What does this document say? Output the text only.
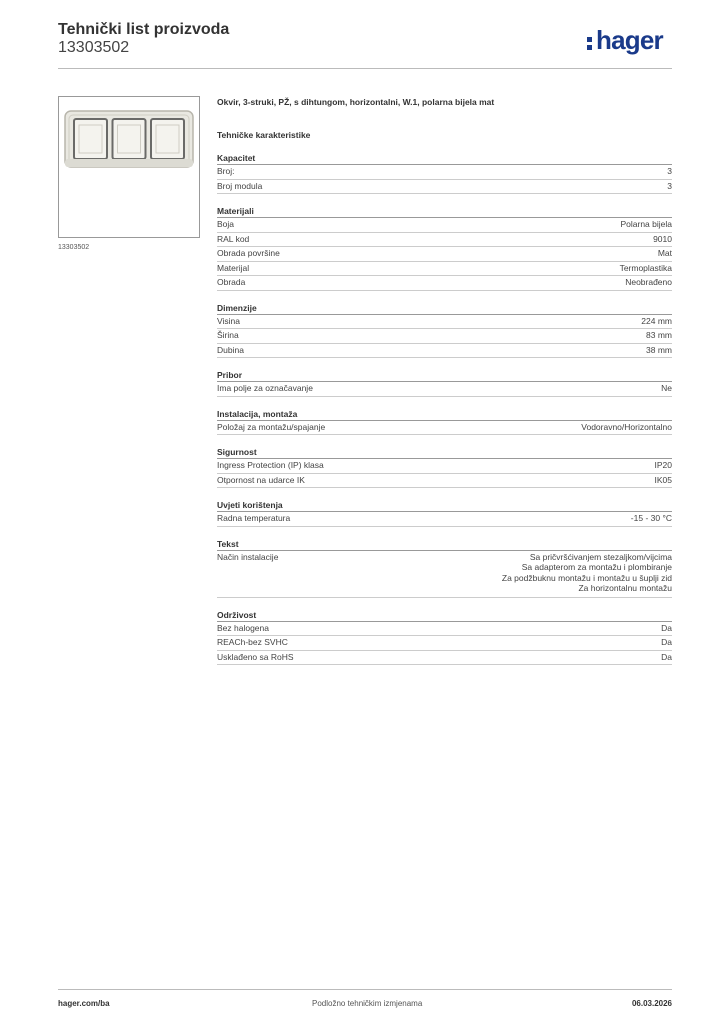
Tehnički list proizvoda
13303502	hager
13303502
Okvir, 3-struki, PŽ, s dihtungom, horizontalni, W.1, polarna bijela mat
Tehničke karakteristike
Kapacitet
Broj:	3
Broj modula	3
Materijali
Boja	Polarna bijela
RAL kod	9010
Obrada površine	Mat
Materijal	Termoplastika
Obrada	Neobrađeno
Dimenzije
Visina	224 mm
Širina	83 mm
Dubina	38 mm
Pribor
Ima polje za označavanje	Ne
Instalacija, montaža
Položaj za montažu/spajanje	Vodoravno/Horizontalno
Sigurnost
Ingress Protection (IP) klasa	IP20
Otpornost na udarce IK	IK05
Uvjeti korištenja
Radna temperatura	-15 - 30 °C
Tekst
Način instalacije	Sa pričvršćivanjem stezaljkom/vijcima
Sa adapterom za montažu i plombiranje
Za podžbuknu montažu i montažu u šuplji zid
Za horizontalnu montažu
Održivost
Bez halogena	Da
REACh-bez SVHC	Da
Usklađeno sa RoHS	Da
hager.com/ba	Podložno tehničkim izmjenama	06.03.2026
